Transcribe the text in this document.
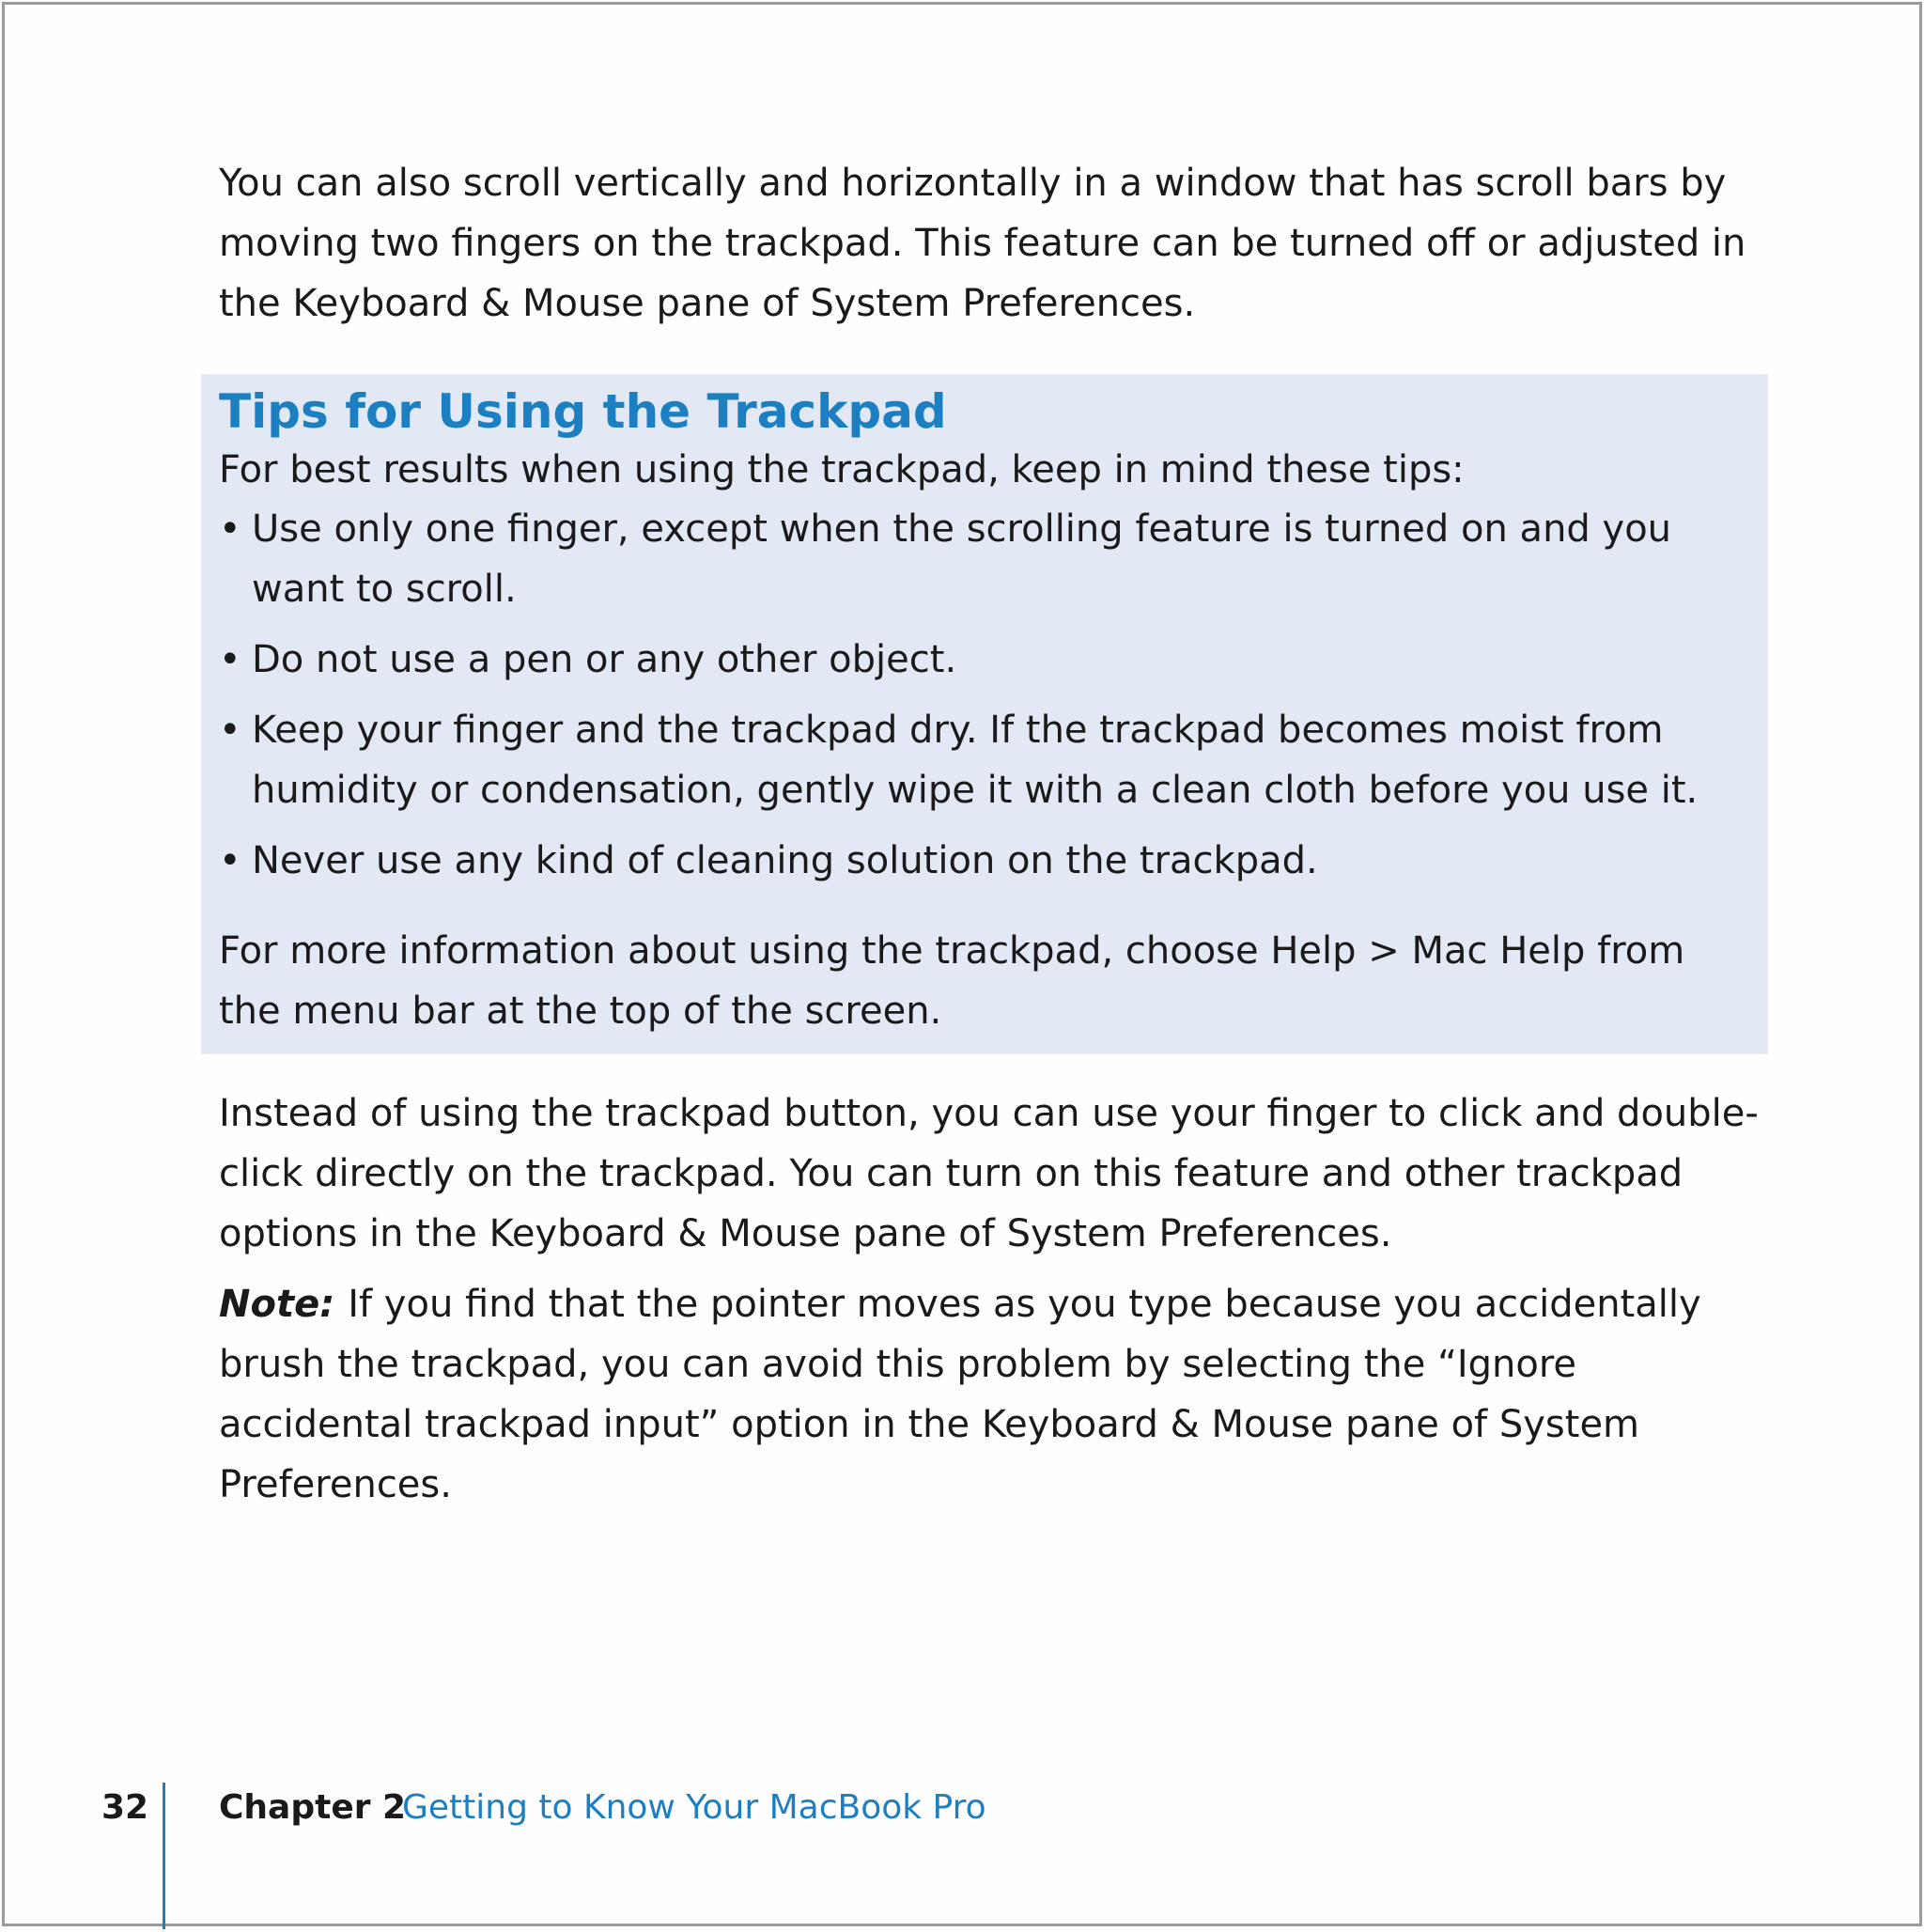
You can also scroll vertically and horizontally in a window that has scroll bars by moving two fingers on the trackpad. This feature can be turned off or adjusted in the Keyboard & Mouse pane of System Preferences.

Tips for Using the Trackpad

For best results when using the trackpad, keep in mind these tips:

• Use only one finger, except when the scrolling feature is turned on and you want to scroll.
• Do not use a pen or any other object.
• Keep your finger and the trackpad dry. If the trackpad becomes moist from humidity or condensation, gently wipe it with a clean cloth before you use it.
• Never use any kind of cleaning solution on the trackpad.

For more information about using the trackpad, choose Help > Mac Help from the menu bar at the top of the screen.

Instead of using the trackpad button, you can use your finger to click and double-click directly on the trackpad. You can turn on this feature and other trackpad options in the Keyboard & Mouse pane of System Preferences.

Note: If you find that the pointer moves as you type because you accidentally brush the trackpad, you can avoid this problem by selecting the “Ignore accidental trackpad input” option in the Keyboard & Mouse pane of System Preferences.

32 Chapter 2
Getting to Know Your MacBook Pro
